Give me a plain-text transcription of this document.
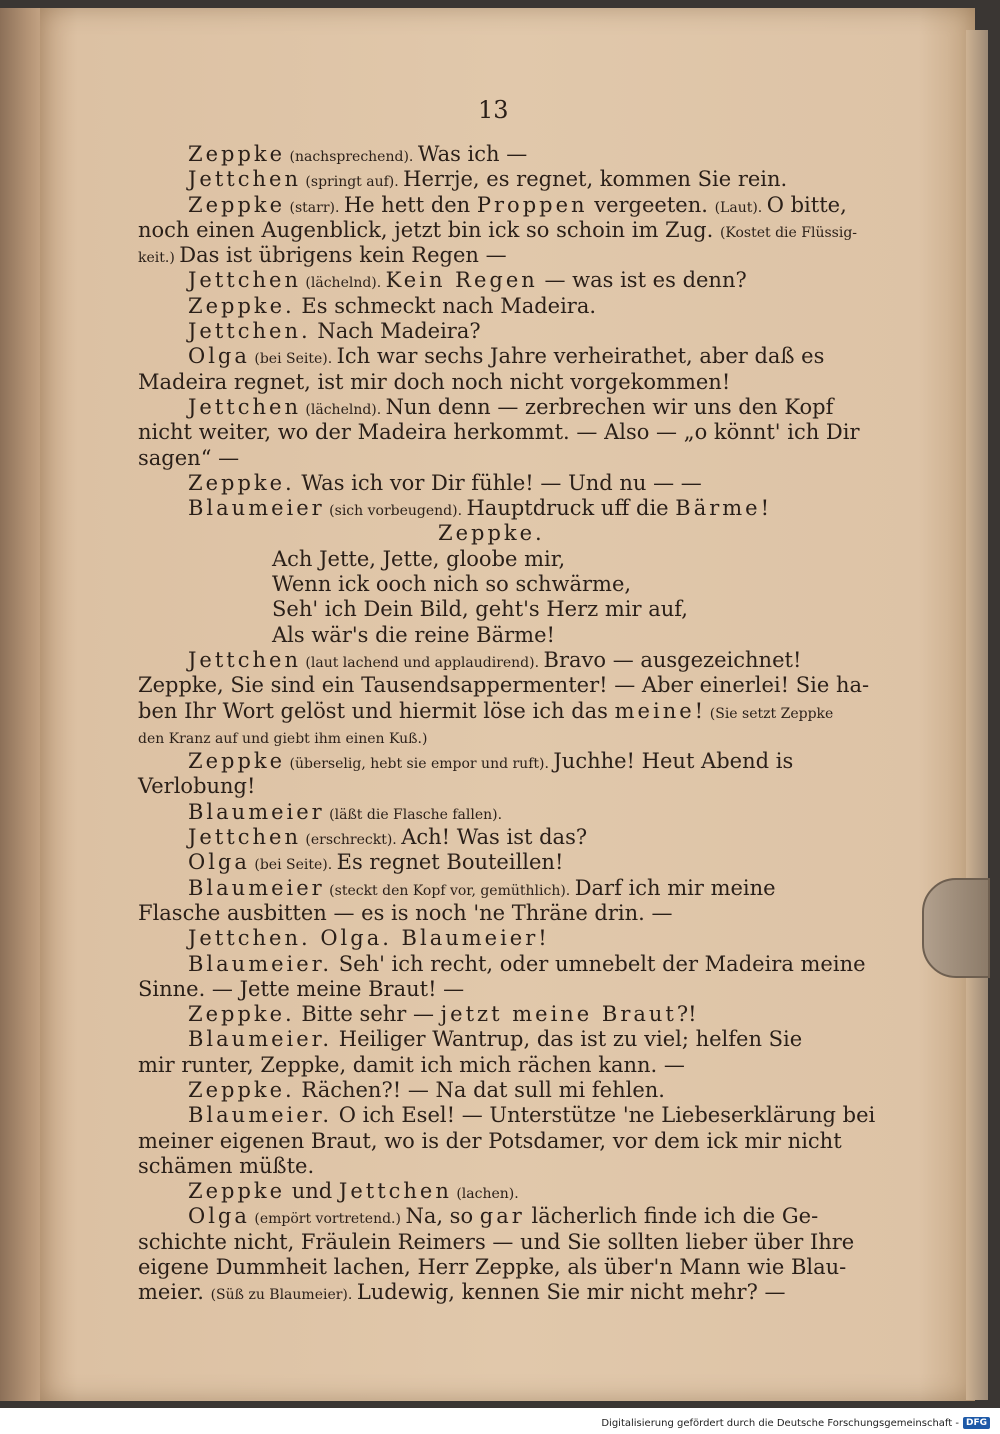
13
Zeppke (nachsprechend). Was ich —
Jettchen (springt auf). Herrje, es regnet, kommen Sie rein.
Zeppke (starr). He hett den Proppen vergeeten. (Laut). O bitte,
noch einen Augenblick, jetzt bin ick so schoin im Zug. (Kostet die Flüssig-
keit.) Das ist übrigens kein Regen —
Jettchen (lächelnd). Kein Regen — was ist es denn?
Zeppke. Es schmeckt nach Madeira.
Jettchen. Nach Madeira?
Olga (bei Seite). Ich war sechs Jahre verheirathet, aber daß es
Madeira regnet, ist mir doch noch nicht vorgekommen!
Jettchen (lächelnd). Nun denn — zerbrechen wir uns den Kopf
nicht weiter, wo der Madeira herkommt. — Also — „o könnt' ich Dir
sagen“ —
Zeppke. Was ich vor Dir fühle! — Und nu — —
Blaumeier (sich vorbeugend). Hauptdruck uff die Bärme!
Zeppke.
Ach Jette, Jette, gloobe mir,
Wenn ick ooch nich so schwärme,
Seh' ich Dein Bild, geht's Herz mir auf,
Als wär's die reine Bärme!
Jettchen (laut lachend und applaudirend). Bravo — ausgezeichnet!
Zeppke, Sie sind ein Tausendsappermenter! — Aber einerlei! Sie ha-
ben Ihr Wort gelöst und hiermit löse ich das meine! (Sie setzt Zeppke
den Kranz auf und giebt ihm einen Kuß.)
Zeppke (überselig, hebt sie empor und ruft). Juchhe! Heut Abend is
Verlobung!
Blaumeier (läßt die Flasche fallen).
Jettchen (erschreckt). Ach! Was ist das?
Olga (bei Seite). Es regnet Bouteillen!
Blaumeier (steckt den Kopf vor, gemüthlich). Darf ich mir meine
Flasche ausbitten — es is noch 'ne Thräne drin. —
Jettchen. Olga. Blaumeier!
Blaumeier. Seh' ich recht, oder umnebelt der Madeira meine
Sinne. — Jette meine Braut! —
Zeppke. Bitte sehr — jetzt meine Braut?!
Blaumeier. Heiliger Wantrup, das ist zu viel; helfen Sie
mir runter, Zeppke, damit ich mich rächen kann. —
Zeppke. Rächen?! — Na dat sull mi fehlen.
Blaumeier. O ich Esel! — Unterstütze 'ne Liebeserklärung bei
meiner eigenen Braut, wo is der Potsdamer, vor dem ick mir nicht
schämen müßte.
Zeppke und Jettchen (lachen).
Olga (empört vortretend.) Na, so gar lächerlich finde ich die Ge-
schichte nicht, Fräulein Reimers — und Sie sollten lieber über Ihre
eigene Dummheit lachen, Herr Zeppke, als über'n Mann wie Blau-
meier. (Süß zu Blaumeier). Ludewig, kennen Sie mir nicht mehr? —
Digitalisierung gefördert durch die Deutsche Forschungsgemeinschaft - DFG
